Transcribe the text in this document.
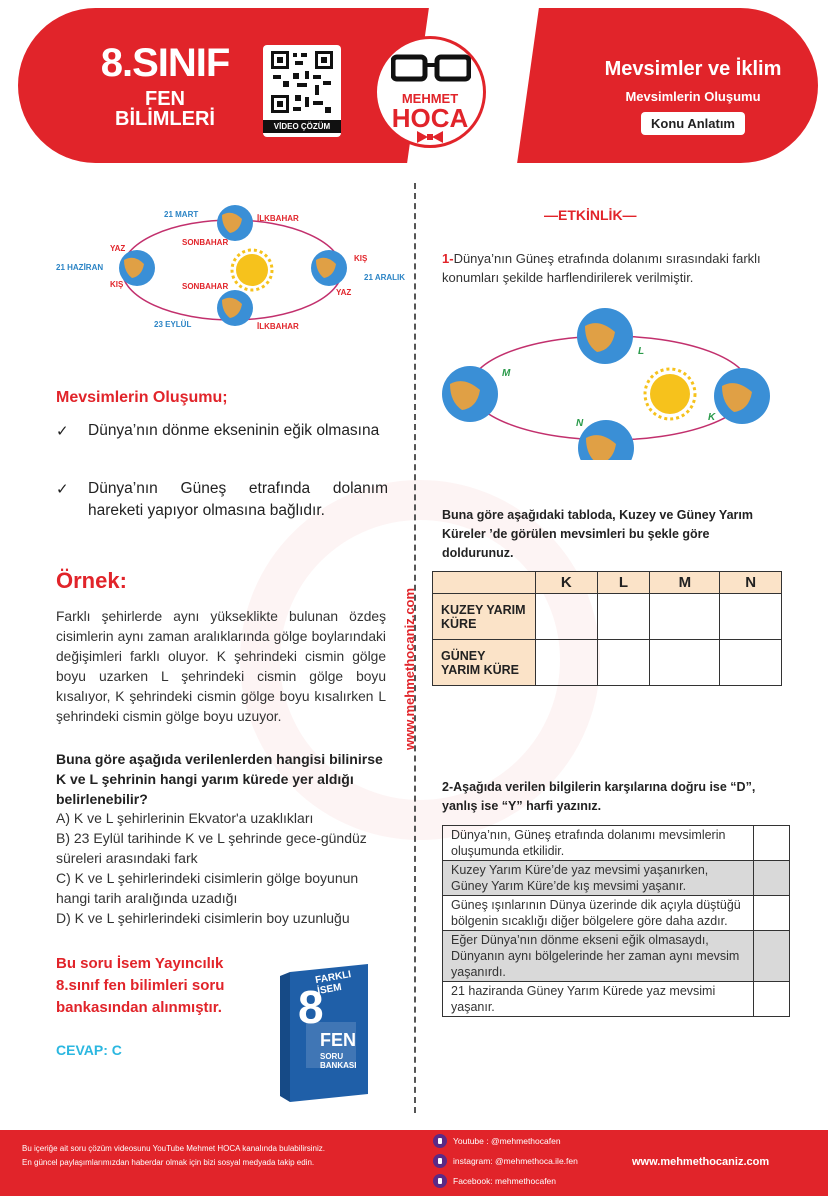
8.SINIF
FEN BİLİMLERİ	VİDEO ÇÖZÜM
MEHMET
HOCA
Mevsimler ve İklim
Mevsimlerin Oluşumu
Konu Anlatım
www.mehmethocaniz.com
21 MART	İLKBAHAR
SONBAHAR
YAZ
21 HAZİRAN
KIŞ
KIŞ
21 ARALIK
YAZ
SONBAHAR
23 EYLÜL	İLKBAHAR
Mevsimlerin Oluşumu;
✓ Dünya’nın dönme ekseninin eğik olmasına
✓ Dünya’nın Güneş etrafında dolanım hareketi yapıyor olmasına bağlıdır.
Örnek:
Farklı şehirlerde aynı yükseklikte bulunan özdeş cisimlerin aynı zaman aralıklarında gölge boylarındaki değişimleri farklı oluyor. K şehrindeki cismin gölge boyu uzarken L şehrindeki cismin gölge boyu kısalıyor, K şehrindeki cismin gölge boyu kısalırken L şehrindeki cismin gölge boyu uzuyor.
Buna göre aşağıda verilenlerden hangisi bilinirse K ve L şehrinin hangi yarım kürede yer aldığı belirlenebilir?
A) K ve L şehirlerinin Ekvator'a uzaklıkları
B) 23 Eylül tarihinde K ve L şehrinde gece-gündüz süreleri arasındaki fark
C) K ve L şehirlerindeki cisimlerin gölge boyunun hangi tarih aralığında uzadığı
D) K ve L şehirlerindeki cisimlerin boy uzunluğu
Bu soru İsem Yayıncılık 8.sınıf fen bilimleri soru bankasından alınmıştır.
CEVAP: C
FARKLI İSEM
8
FEN
SORU BANKASI
—ETKİNLİK—
1-Dünya’nın Güneş etrafında dolanımı sırasındaki farklı konumları şekilde harflendirilerek verilmiştir.
M
L
N
K
Buna göre aşağıdaki tabloda, Kuzey ve Güney Yarım Küreler ’de görülen mevsimleri bu şekle göre doldurunuz.
	K	L	M	N
KUZEY YARIM KÜRE				
GÜNEY YARIM KÜRE				
2-Aşağıda verilen bilgilerin karşılarına doğru ise “D”, yanlış ise “Y” harfi yazınız.
Dünya’nın, Güneş etrafında dolanımı mevsimlerin oluşumunda etkilidir.	
Kuzey Yarım Küre’de yaz mevsimi yaşanırken, Güney Yarım Küre’de kış mevsimi yaşanır.	
Güneş ışınlarının Dünya üzerinde dik açıyla düştüğü bölgenin sıcaklığı diğer bölgelere göre daha azdır.	
Eğer Dünya’nın dönme ekseni eğik olmasaydı, Dünyanın aynı bölgelerinde her zaman aynı mevsim yaşanırdı.	
21 haziranda Güney Yarım Kürede yaz mevsimi yaşanır.	
Bu içeriğe ait soru çözüm videosunu YouTube Mehmet HOCA kanalında bulabilirsiniz.
En güncel paylaşımlarımızdan haberdar olmak için bizi sosyal medyada takip edin.
Youtube : @mehmethocafen
instagram: @mehmethoca.ile.fen
Facebook: mehmethocafen
www.mehmethocaniz.com
